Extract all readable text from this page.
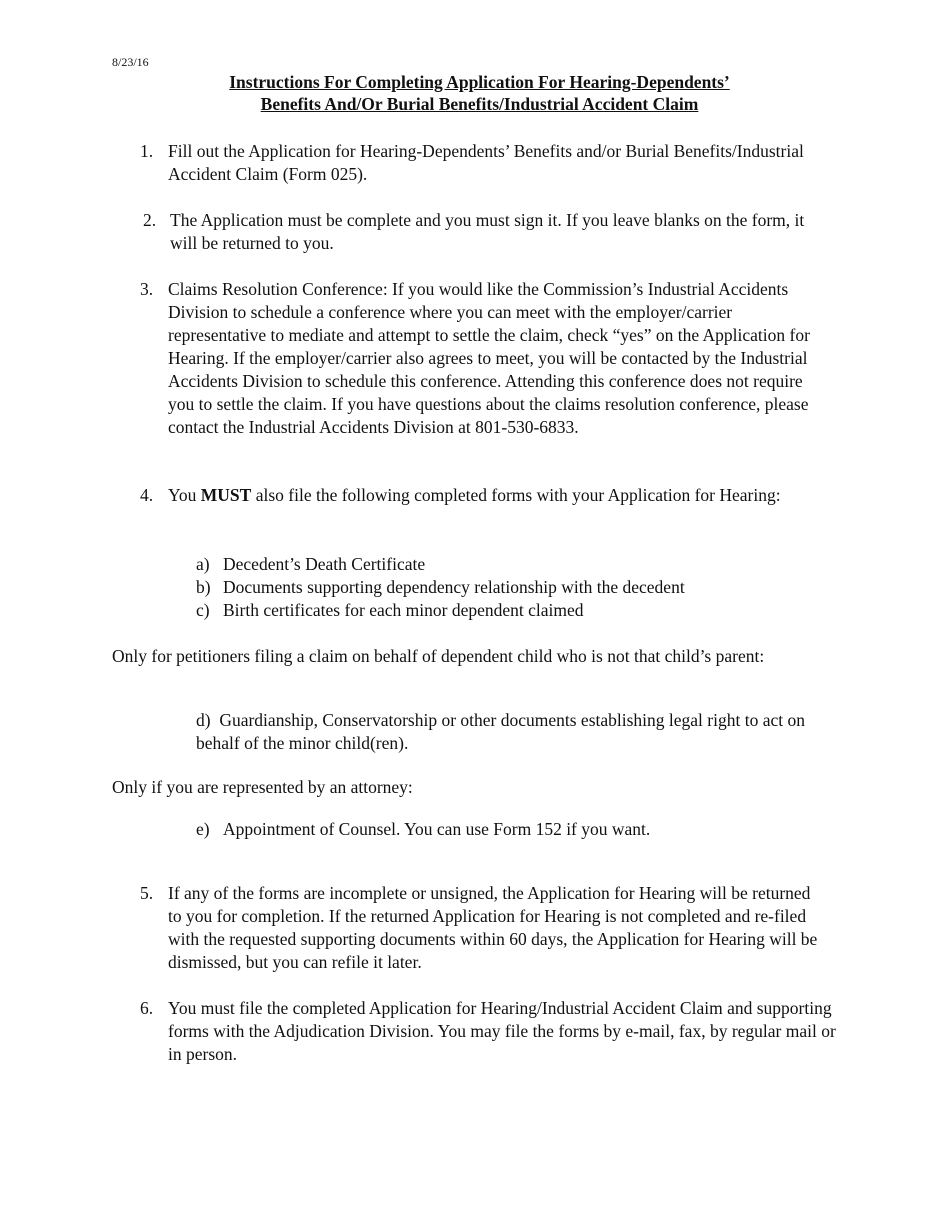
8/23/16
Instructions For Completing Application For Hearing-Dependents’
Benefits And/Or Burial Benefits/Industrial Accident Claim
1. Fill out the Application for Hearing-Dependents’ Benefits and/or Burial Benefits/Industrial Accident Claim (Form 025).
2. The Application must be complete and you must sign it. If you leave blanks on the form, it will be returned to you.
3. Claims Resolution Conference: If you would like the Commission’s Industrial Accidents Division to schedule a conference where you can meet with the employer/carrier representative to mediate and attempt to settle the claim, check “yes” on the Application for Hearing. If the employer/carrier also agrees to meet, you will be contacted by the Industrial Accidents Division to schedule this conference. Attending this conference does not require you to settle the claim. If you have questions about the claims resolution conference, please contact the Industrial Accidents Division at 801-530-6833.
4. You MUST also file the following completed forms with your Application for Hearing:
a) Decedent’s Death Certificate
b) Documents supporting dependency relationship with the decedent
c) Birth certificates for each minor dependent claimed
Only for petitioners filing a claim on behalf of dependent child who is not that child’s parent:
d) Guardianship, Conservatorship or other documents establishing legal right to act on behalf of the minor child(ren).
Only if you are represented by an attorney:
e) Appointment of Counsel. You can use Form 152 if you want.
5. If any of the forms are incomplete or unsigned, the Application for Hearing will be returned to you for completion. If the returned Application for Hearing is not completed and re-filed with the requested supporting documents within 60 days, the Application for Hearing will be dismissed, but you can refile it later.
6. You must file the completed Application for Hearing/Industrial Accident Claim and supporting forms with the Adjudication Division. You may file the forms by e-mail, fax, by regular mail or in person.
